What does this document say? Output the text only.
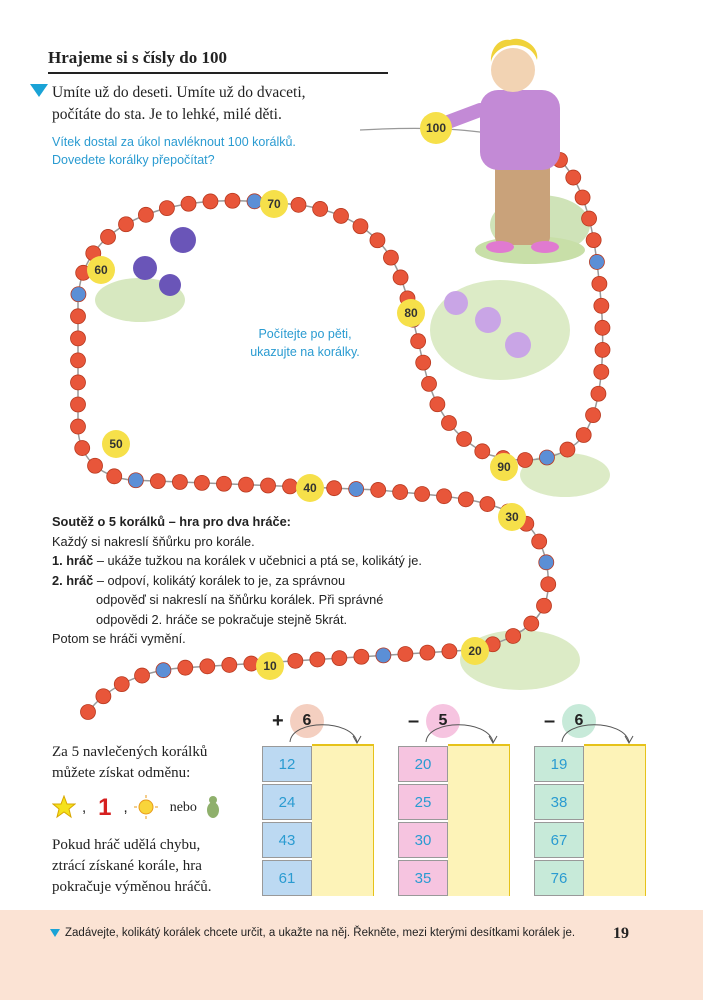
Hrajeme si s čísly do 100
Umíte už do deseti. Umíte už do dvaceti,
počítáte do sta. Je to lehké, milé děti.
Vítek dostal za úkol navléknout 100 korálků.
Dovedete korálky přepočítat?
10
20
30
40
50
60
70
80
90
100
Počítejte po pěti,
ukazujte na korálky.
Soutěž o 5 korálků – hra pro dva hráče:
Každý si nakreslí šňůrku pro korále.
1. hráč – ukáže tužkou na korálek v učebnici a ptá se, kolikátý je.
2. hráč – odpoví, kolikátý korálek to je, za správnou
odpověď si nakreslí na šňůrku korálek. Při správné
odpovědi 2. hráče se pokračuje stejně 5krát.
Potom se hráči vymění.
Za 5 navlečených korálků
můžete získat odměnu:
, 1 ,	nebo
Pokud hráč udělá chybu,
ztrácí získané korále, hra
pokračuje výměnou hráčů.
+	6
12
24
43
61
–	5
20
25
30
35
–	6
19
38
67
76
Zadávejte, kolikátý korálek chcete určit, a ukažte na něj. Řekněte, mezi kterými desítkami korálek je. 19
